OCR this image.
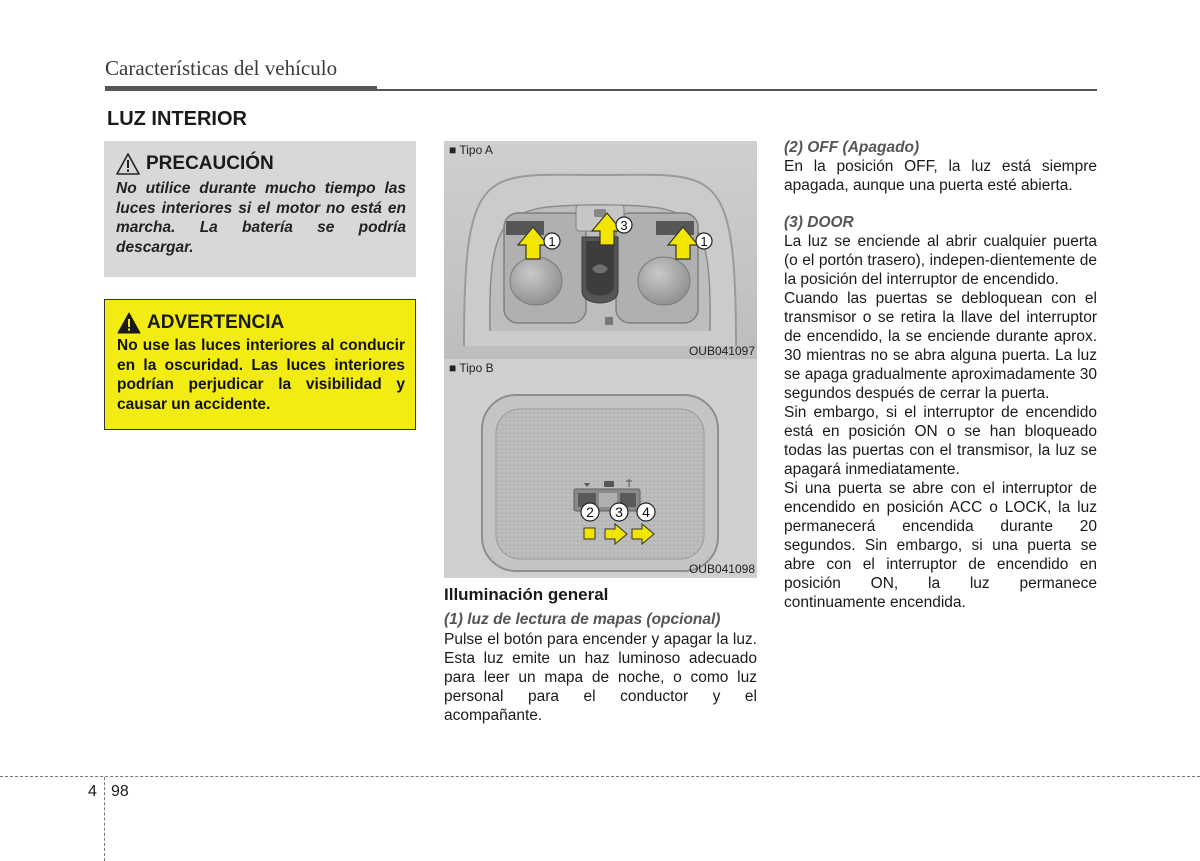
Características del vehículo
LUZ INTERIOR
PRECAUCIÓN
No utilice durante mucho tiempo las luces interiores si el motor no está en marcha. La batería se podría descargar.
ADVERTENCIA
No use las luces interiores al conducir en la oscuridad. Las luces interiores podrían perjudicar la visibilidad y causar un accidente.
1
3
1
■ Tipo A
OUB041097
2 3 4
■ Tipo B
OUB041098
Illuminación general
(1) luz de lectura de mapas (opcional)
Pulse el botón para encender y apagar la luz. Esta luz emite un haz luminoso adecuado para leer un mapa de noche, o como luz personal para el conductor y el acompañante.
(2) OFF (Apagado)
En la posición OFF, la luz está siempre apagada, aunque una puerta esté abierta.
(3) DOOR
La luz se enciende al abrir cualquier puerta (o el portón trasero), indepen-dientemente de la posición del interruptor de encendido.
Cuando las puertas se debloquean con el transmisor o se retira la llave del interruptor de encendido, la se enciende durante aprox. 30 mientras no se abra alguna puerta. La luz se apaga gradualmente aproximadamente 30 segundos después de cerrar la puerta.
Sin embargo, si el interruptor de encendido está en posición ON o se han bloqueado todas las puertas con el transmisor, la luz se apagará inmediatamente.
Si una puerta se abre con el interruptor de encendido en posición ACC o LOCK, la luz permanecerá encendida durante 20 segundos. Sin embargo, si una puerta se abre con el interruptor de encendido en posición ON, la luz permanece continuamente encendida.
4 98
